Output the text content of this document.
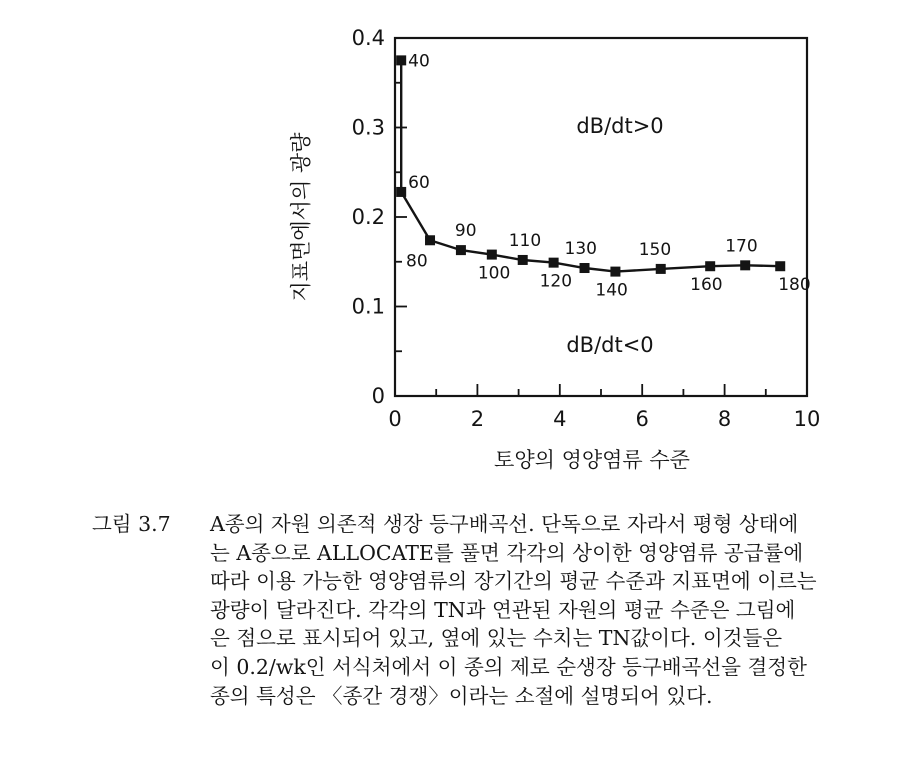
0	2	4	6	8	10
0
0.1
0.2
0.3
0.4
40
60
80
90
100
110
120
130
140
150
160
170
180
dB/dt>0
dB/dt<0
토양의 영양염류 수준
지표면에서의 광량
그림 3.7 A종의 자원 의존적 생장 등구배곡선. 단독으로 자라서 평형 상태에
는 A종으로 ALLOCATE를 풀면 각각의 상이한 영양염류 공급률에
따라 이용 가능한 영양염류의 장기간의 평균 수준과 지표면에 이르는
광량이 달라진다. 각각의 TN과 연관된 자원의 평균 수준은 그림에
은 점으로 표시되어 있고, 옆에 있는 수치는 TN값이다. 이것들은
이 0.2/wk인 서식처에서 이 종의 제로 순생장 등구배곡선을 결정한
종의 특성은 〈종간 경쟁〉이라는 소절에 설명되어 있다.
